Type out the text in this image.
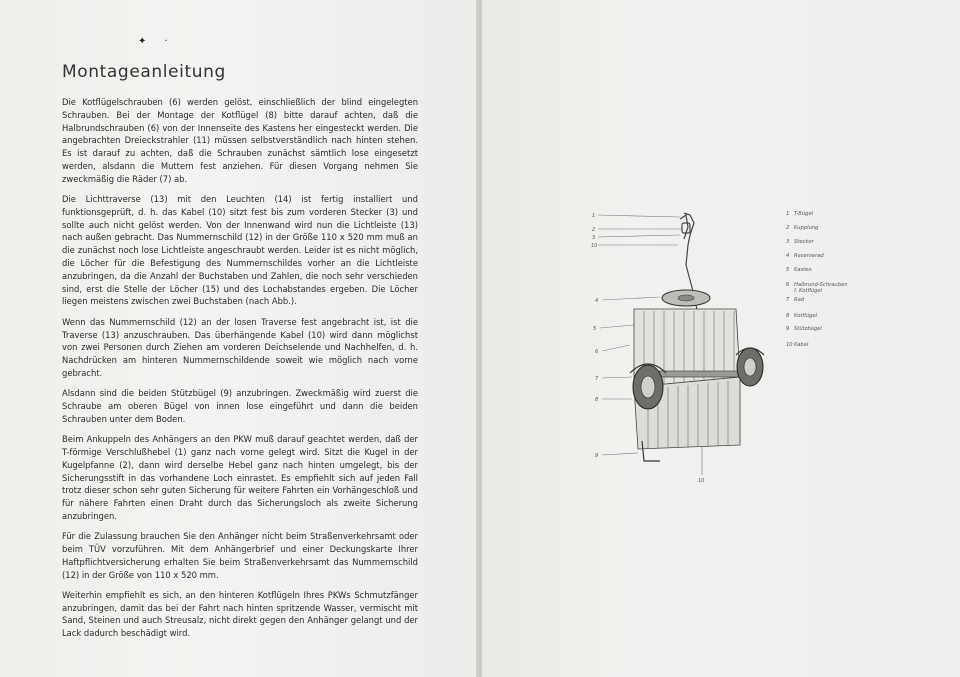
✦‧
Montageanleitung

Die Kotflügelschrauben (6) werden gelöst, einschließlich der blind eingelegten Schrauben. Bei der Montage der Kotflügel (8) bitte darauf achten, daß die Halbrundschrauben (6) von der Innenseite des Kastens her eingesteckt werden. Die angebrachten Dreieckstrahler (11) müssen selbstverständlich nach hinten stehen. Es ist darauf zu achten, daß die Schrauben zunächst sämtlich lose eingesetzt werden, alsdann die Muttern fest anziehen. Für diesen Vorgang nehmen Sie zweckmäßig die Räder (7) ab.

Die Lichttraverse (13) mit den Leuchten (14) ist fertig installiert und funktionsgeprüft, d. h. das Kabel (10) sitzt fest bis zum vorderen Stecker (3) und sollte auch nicht gelöst werden. Von der Innenwand wird nun die Lichtleiste (13) nach außen gebracht. Das Nummernschild (12) in der Größe 110 x 520 mm muß an die zunächst noch lose Lichtleiste angeschraubt werden. Leider ist es nicht möglich, die Löcher für die Befestigung des Nummernschildes vorher an die Lichtleiste anzubringen, da die Anzahl der Buchstaben und Zahlen, die noch sehr verschieden sind, erst die Stelle der Löcher (15) und des Lochabstandes ergeben. Die Löcher liegen meistens zwischen zwei Buchstaben (nach Abb.).

Wenn das Nummernschild (12) an der losen Traverse fest angebracht ist, ist die Traverse (13) anzuschrauben. Das überhängende Kabel (10) wird dann möglichst von zwei Personen durch Ziehen am vorderen Deichselende und Nachhelfen, d. h. Nachdrücken am hinteren Nummernschildende soweit wie möglich nach vorne gebracht.

Alsdann sind die beiden Stützbügel (9) anzubringen. Zweckmäßig wird zuerst die Schraube am oberen Bügel von innen lose eingeführt und dann die beiden Schrauben unter dem Boden.

Beim Ankuppeln des Anhängers an den PKW muß darauf geachtet werden, daß der T-förmige Verschlußhebel (1) ganz nach vorne gelegt wird. Sitzt die Kugel in der Kugelpfanne (2), dann wird derselbe Hebel ganz nach hinten umgelegt, bis der Sicherungsstift in das vorhandene Loch einrastet. Es empfiehlt sich auf jeden Fall trotz dieser schon sehr guten Sicherung für weitere Fahrten ein Vorhängeschloß und für nähere Fahrten einen Draht durch das Sicherungsloch als zweite Sicherung anzubringen.

Für die Zulassung brauchen Sie den Anhänger nicht beim Straßenverkehrsamt oder beim TÜV vorzuführen. Mit dem Anhängerbrief und einer Deckungskarte Ihrer Haftpflichtversicherung erhalten Sie beim Straßenverkehrsamt das Nummernschild (12) in der Größe von 110 x 520 mm.

Weiterhin empfiehlt es sich, an den hinteren Kotflügeln Ihres PKWs Schmutzfänger anzubringen, damit das bei der Fahrt nach hinten spritzende Wasser, vermischt mit Sand, Steinen und auch Streusalz, nicht direkt gegen den Anhänger gelangt und der Lack dadurch beschädigt wird.

1
2
3
10
4
5
6
7
8
9
10
1 T-Bügel
2 Kupplung
3 Stecker
4 Reserverad
5 Kasten
6 Halbrund-Schrauben
f. Kotflügel
7 Rad
8 Kotflügel
9 Stützbügel
10Kabel
